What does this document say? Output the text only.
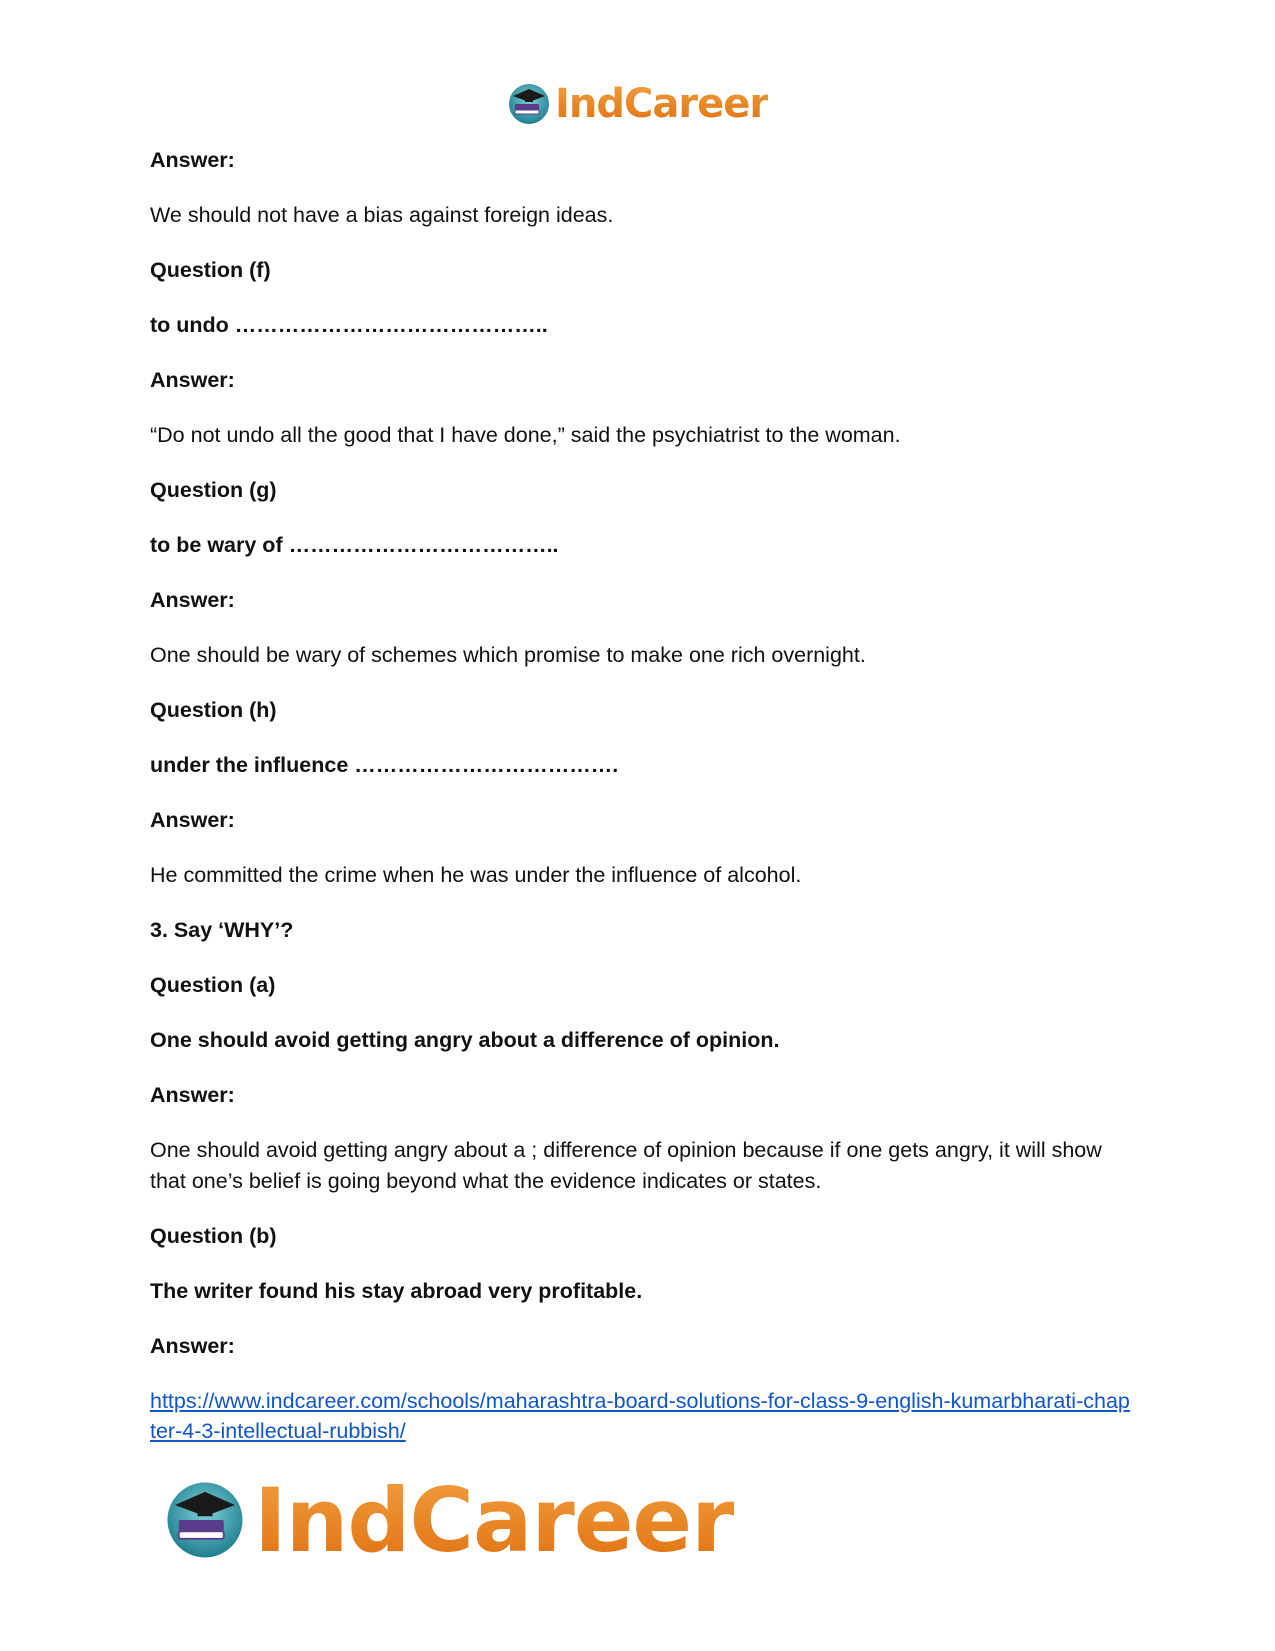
IndCareer

Answer:

We should not have a bias against foreign ideas.

Question (f)

to undo ……………………………………..

Answer:

“Do not undo all the good that I have done,” said the psychiatrist to the woman.

Question (g)

to be wary of ………………………………..

Answer:

One should be wary of schemes which promise to make one rich overnight.

Question (h)

under the influence ……………………………….

Answer:

He committed the crime when he was under the influence of alcohol.

3. Say ‘WHY’?

Question (a)

One should avoid getting angry about a difference of opinion.

Answer:

One should avoid getting angry about a ; difference of opinion because if one gets angry, it will show that one’s belief is going beyond what the evidence indicates or states.

Question (b)

The writer found his stay abroad very profitable.

Answer:

https://www.indcareer.com/schools/maharashtra-board-solutions-for-class-9-english-kumarbharati-chapter-4-3-intellectual-rubbish/

IndCareer
